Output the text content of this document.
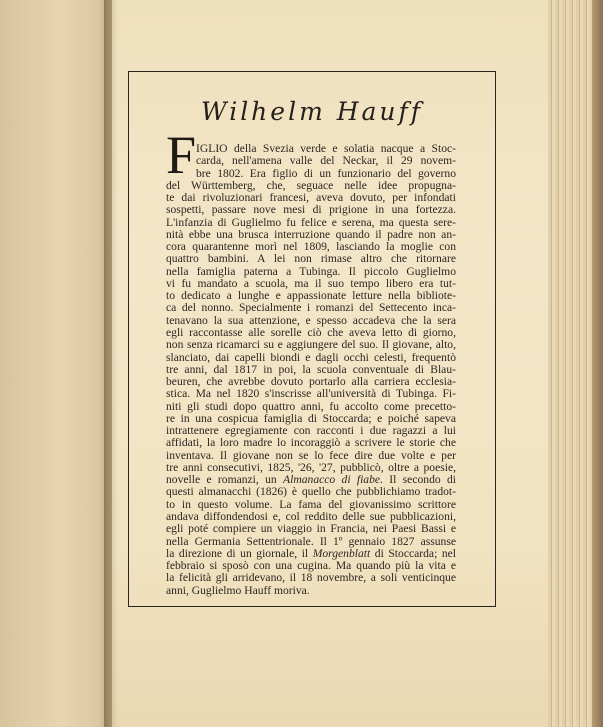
Wilhelm Hauff
F IGLIO della Svezia verde e solatia nacque a Stoc-
carda, nell'amena valle del Neckar, il 29 novem-
bre 1802. Era figlio di un funzionario del governo
del Württemberg, che, seguace nelle idee propugna-
te dai rivoluzionari francesi, aveva dovuto, per infondati
sospetti, passare nove mesi di prigione in una fortezza.
L'infanzia di Guglielmo fu felice e serena, ma questa sere-
nità ebbe una brusca interruzione quando il padre non an-
cora quarantenne morì nel 1809, lasciando la moglie con
quattro bambini. A lei non rimase altro che ritornare
nella famiglia paterna a Tubinga. Il piccolo Guglielmo
vi fu mandato a scuola, ma il suo tempo libero era tut-
to dedicato a lunghe e appassionate letture nella bibliote-
ca del nonno. Specialmente i romanzi del Settecento inca-
tenavano la sua attenzione, e spesso accadeva che la sera
egli raccontasse alle sorelle ciò che aveva letto di giorno,
non senza ricamarci su e aggiungere del suo. Il giovane, alto,
slanciato, dai capelli biondi e dagli occhi celesti, frequentò
tre anni, dal 1817 in poi, la scuola conventuale di Blau-
beuren, che avrebbe dovuto portarlo alla carriera ecclesia-
stica. Ma nel 1820 s'inscrisse all'università di Tubinga. Fi-
niti gli studi dopo quattro anni, fu accolto come precetto-
re in una cospicua famiglia di Stoccarda; e poiché sapeva
intrattenere egregiamente con racconti i due ragazzi a lui
affidati, la loro madre lo incoraggiò a scrivere le storie che
inventava. Il giovane non se lo fece dire due volte e per
tre anni consecutivi, 1825, '26, '27, pubblicò, oltre a poesie,
novelle e romanzi, un Almanacco di fiabe. Il secondo di
questi almanacchi (1826) è quello che pubblichiamo tradot-
to in questo volume. La fama del giovanissimo scrittore
andava diffondendosi e, col reddito delle sue pubblicazioni,
egli poté compiere un viaggio in Francia, nei Paesi Bassi e
nella Germania Settentrionale. Il 1º gennaio 1827 assunse
la direzione di un giornale, il Morgenblatt di Stoccarda; nel
febbraio si sposò con una cugina. Ma quando più la vita e
la felicità gli arridevano, il 18 novembre, a soli venticinque
anni, Guglielmo Hauff moriva.
